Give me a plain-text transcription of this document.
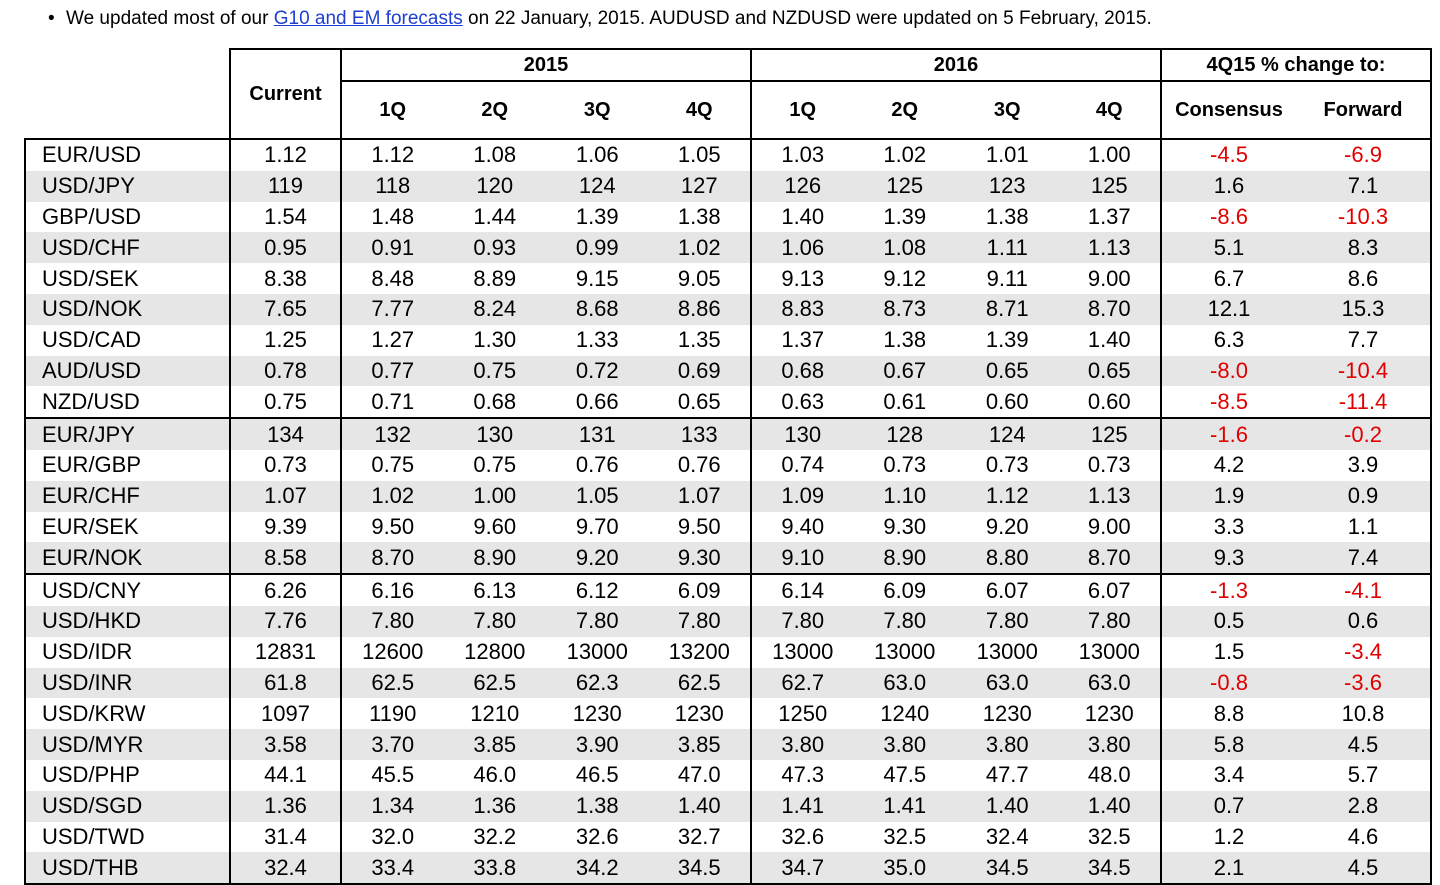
• We updated most of our G10 and EM forecasts on 22 January, 2015. AUDUSD and NZDUSD were updated on 5 February, 2015.
	Current	2015				2016				4Q15 % change to:	
		1Q	2Q	3Q	4Q	1Q	2Q	3Q	4Q	Consensus	Forward
EUR/USD	1.12	1.12	1.08	1.06	1.05	1.03	1.02	1.01	1.00	-4.5	-6.9
USD/JPY	119	118	120	124	127	126	125	123	125	1.6	7.1
GBP/USD	1.54	1.48	1.44	1.39	1.38	1.40	1.39	1.38	1.37	-8.6	-10.3
USD/CHF	0.95	0.91	0.93	0.99	1.02	1.06	1.08	1.11	1.13	5.1	8.3
USD/SEK	8.38	8.48	8.89	9.15	9.05	9.13	9.12	9.11	9.00	6.7	8.6
USD/NOK	7.65	7.77	8.24	8.68	8.86	8.83	8.73	8.71	8.70	12.1	15.3
USD/CAD	1.25	1.27	1.30	1.33	1.35	1.37	1.38	1.39	1.40	6.3	7.7
AUD/USD	0.78	0.77	0.75	0.72	0.69	0.68	0.67	0.65	0.65	-8.0	-10.4
NZD/USD	0.75	0.71	0.68	0.66	0.65	0.63	0.61	0.60	0.60	-8.5	-11.4
EUR/JPY	134	132	130	131	133	130	128	124	125	-1.6	-0.2
EUR/GBP	0.73	0.75	0.75	0.76	0.76	0.74	0.73	0.73	0.73	4.2	3.9
EUR/CHF	1.07	1.02	1.00	1.05	1.07	1.09	1.10	1.12	1.13	1.9	0.9
EUR/SEK	9.39	9.50	9.60	9.70	9.50	9.40	9.30	9.20	9.00	3.3	1.1
EUR/NOK	8.58	8.70	8.90	9.20	9.30	9.10	8.90	8.80	8.70	9.3	7.4
USD/CNY	6.26	6.16	6.13	6.12	6.09	6.14	6.09	6.07	6.07	-1.3	-4.1
USD/HKD	7.76	7.80	7.80	7.80	7.80	7.80	7.80	7.80	7.80	0.5	0.6
USD/IDR	12831	12600	12800	13000	13200	13000	13000	13000	13000	1.5	-3.4
USD/INR	61.8	62.5	62.5	62.3	62.5	62.7	63.0	63.0	63.0	-0.8	-3.6
USD/KRW	1097	1190	1210	1230	1230	1250	1240	1230	1230	8.8	10.8
USD/MYR	3.58	3.70	3.85	3.90	3.85	3.80	3.80	3.80	3.80	5.8	4.5
USD/PHP	44.1	45.5	46.0	46.5	47.0	47.3	47.5	47.7	48.0	3.4	5.7
USD/SGD	1.36	1.34	1.36	1.38	1.40	1.41	1.41	1.40	1.40	0.7	2.8
USD/TWD	31.4	32.0	32.2	32.6	32.7	32.6	32.5	32.4	32.5	1.2	4.6
USD/THB	32.4	33.4	33.8	34.2	34.5	34.7	35.0	34.5	34.5	2.1	4.5
